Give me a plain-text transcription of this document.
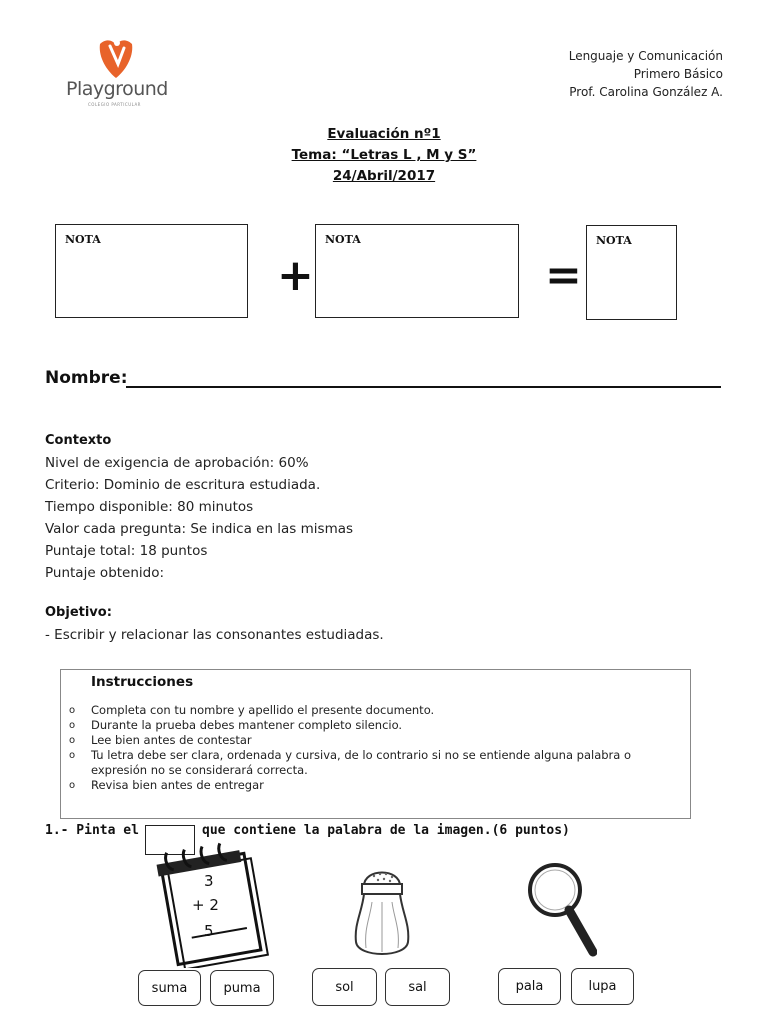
Playground
COLEGIO PARTICULAR
Lenguaje y Comunicación
Primero Básico
Prof. Carolina González A.
Evaluación nº1
Tema: “Letras L , M y S”
24/Abril/2017
NOTA
+
NOTA
=
NOTA
Nombre:
Contexto
Nivel de exigencia de aprobación: 60%
Criterio: Dominio de escritura estudiada.
Tiempo disponible: 80 minutos
Valor cada pregunta: Se indica en las mismas
Puntaje total: 18 puntos
Puntaje obtenido:
Objetivo:
- Escribir y relacionar las consonantes estudiadas.
Instrucciones
o Completa con tu nombre y apellido el presente documento.
o Durante la prueba debes mantener completo silencio.
o Lee bien antes de contestar
o Tu letra debe ser clara, ordenada y cursiva, de lo contrario si no se entiende alguna palabra o expresión no se considerará correcta.
o Revisa bien antes de entregar
1.- Pinta el	que contiene la palabra de la imagen.(6 puntos)
3
+ 2
5
suma	puma	sol	sal	pala	lupa
